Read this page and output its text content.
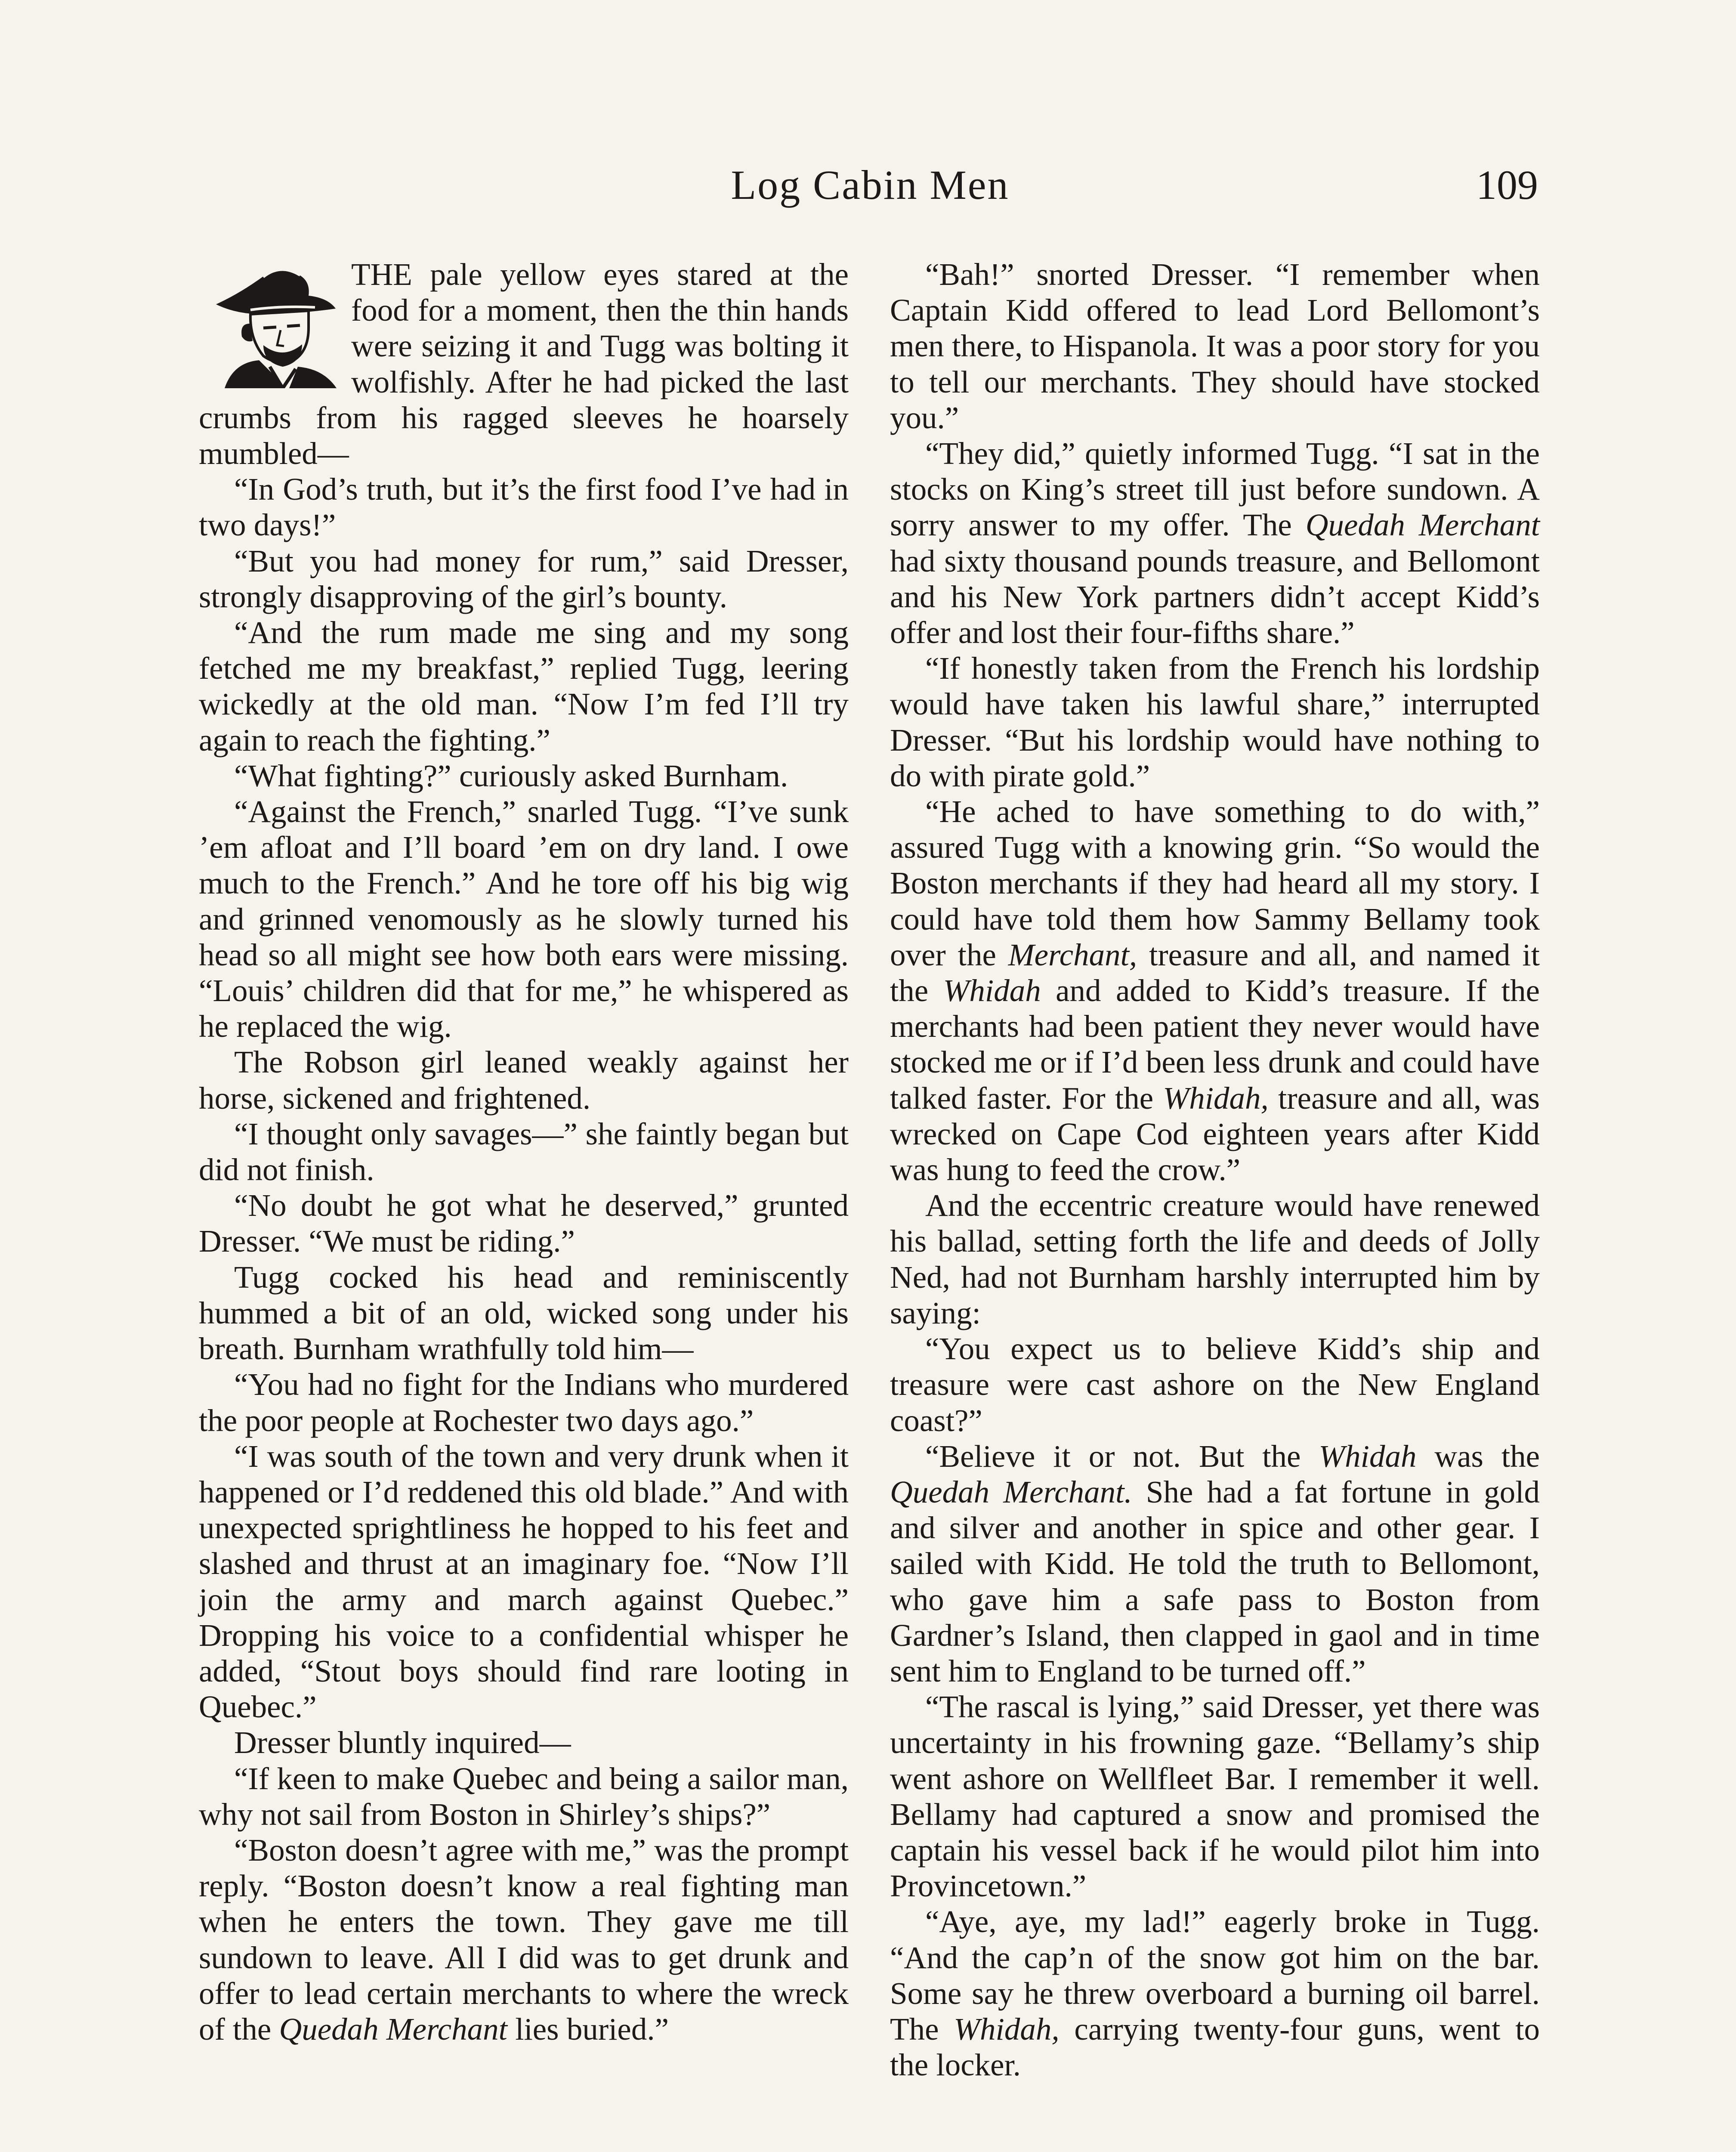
Log Cabin Men	109

THE pale yellow eyes stared at the food for a moment, then the thin hands were seizing it and Tugg was bolting it wolfishly. After he had picked the last crumbs from his ragged sleeves he hoarsely mumbled—

“In God’s truth, but it’s the first food I’ve had in two days!”

“But you had money for rum,” said Dresser, strongly disapproving of the girl’s bounty.

“And the rum made me sing and my song fetched me my breakfast,” replied Tugg, leering wickedly at the old man. “Now I’m fed I’ll try again to reach the fighting.”

“What fighting?” curiously asked Burnham.

“Against the French,” snarled Tugg. “I’ve sunk ’em afloat and I’ll board ’em on dry land. I owe much to the French.” And he tore off his big wig and grinned venomously as he slowly turned his head so all might see how both ears were missing. “Louis’ children did that for me,” he whispered as he replaced the wig.

The Robson girl leaned weakly against her horse, sickened and frightened.

“I thought only savages—” she faintly began but did not finish.

“No doubt he got what he deserved,” grunted Dresser. “We must be riding.”

Tugg cocked his head and reminiscently hummed a bit of an old, wicked song under his breath. Burnham wrathfully told him—

“You had no fight for the Indians who murdered the poor people at Rochester two days ago.”

“I was south of the town and very drunk when it happened or I’d reddened this old blade.” And with unexpected sprightliness he hopped to his feet and slashed and thrust at an imaginary foe. “Now I’ll join the army and march against Quebec.” Dropping his voice to a confidential whisper he added, “Stout boys should find rare looting in Quebec.”

Dresser bluntly inquired—

“If keen to make Quebec and being a sailor man, why not sail from Boston in Shirley’s ships?”

“Boston doesn’t agree with me,” was the prompt reply. “Boston doesn’t know a real fighting man when he enters the town. They gave me till sundown to leave. All I did was to get drunk and offer to lead certain merchants to where the wreck of the Quedah Merchant lies buried.”

“Bah!” snorted Dresser. “I remember when Captain Kidd offered to lead Lord Bellomont’s men there, to Hispanola. It was a poor story for you to tell our merchants. They should have stocked you.”

“They did,” quietly informed Tugg. “I sat in the stocks on King’s street till just before sundown. A sorry answer to my offer. The Quedah Merchant had sixty thousand pounds treasure, and Bellomont and his New York partners didn’t accept Kidd’s offer and lost their four-fifths share.”

“If honestly taken from the French his lordship would have taken his lawful share,” interrupted Dresser. “But his lordship would have nothing to do with pirate gold.”

“He ached to have something to do with,” assured Tugg with a knowing grin. “So would the Boston merchants if they had heard all my story. I could have told them how Sammy Bellamy took over the Merchant, treasure and all, and named it the Whidah and added to Kidd’s treasure. If the merchants had been patient they never would have stocked me or if I’d been less drunk and could have talked faster. For the Whidah, treasure and all, was wrecked on Cape Cod eighteen years after Kidd was hung to feed the crow.”

And the eccentric creature would have renewed his ballad, setting forth the life and deeds of Jolly Ned, had not Burnham harshly interrupted him by saying:

“You expect us to believe Kidd’s ship and treasure were cast ashore on the New England coast?”

“Believe it or not. But the Whidah was the Quedah Merchant. She had a fat fortune in gold and silver and another in spice and other gear. I sailed with Kidd. He told the truth to Bellomont, who gave him a safe pass to Boston from Gardner’s Island, then clapped in gaol and in time sent him to England to be turned off.”

“The rascal is lying,” said Dresser, yet there was uncertainty in his frowning gaze. “Bellamy’s ship went ashore on Wellfleet Bar. I remember it well. Bellamy had captured a snow and promised the captain his vessel back if he would pilot him into Provincetown.”

“Aye, aye, my lad!” eagerly broke in Tugg. “And the cap’n of the snow got him on the bar. Some say he threw overboard a burning oil barrel. The Whidah, carrying twenty-four guns, went to the locker.
